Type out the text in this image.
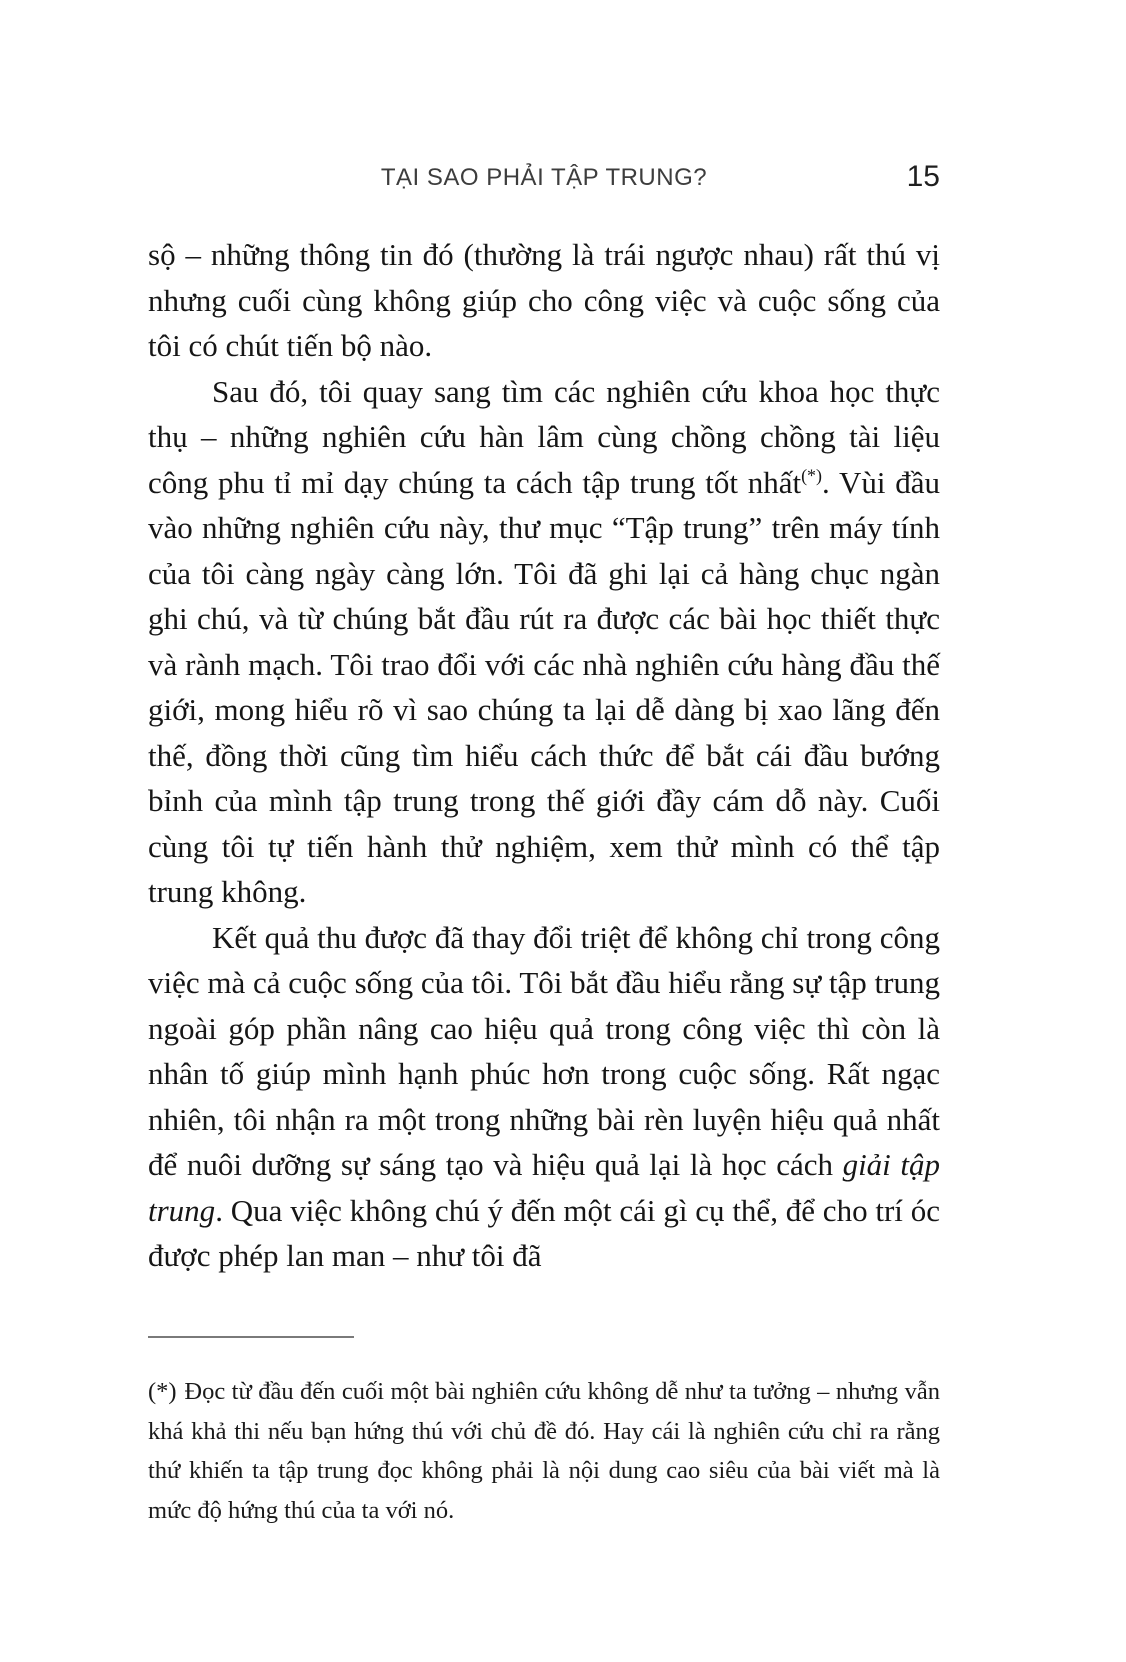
TẠI SAO PHẢI TẬP TRUNG?	15

sộ – những thông tin đó (thường là trái ngược nhau) rất thú vị nhưng cuối cùng không giúp cho công việc và cuộc sống của tôi có chút tiến bộ nào.

Sau đó, tôi quay sang tìm các nghiên cứu khoa học thực thụ – những nghiên cứu hàn lâm cùng chồng chồng tài liệu công phu tỉ mỉ dạy chúng ta cách tập trung tốt nhất(*). Vùi đầu vào những nghiên cứu này, thư mục “Tập trung” trên máy tính của tôi càng ngày càng lớn. Tôi đã ghi lại cả hàng chục ngàn ghi chú, và từ chúng bắt đầu rút ra được các bài học thiết thực và rành mạch. Tôi trao đổi với các nhà nghiên cứu hàng đầu thế giới, mong hiểu rõ vì sao chúng ta lại dễ dàng bị xao lãng đến thế, đồng thời cũng tìm hiểu cách thức để bắt cái đầu bướng bỉnh của mình tập trung trong thế giới đầy cám dỗ này. Cuối cùng tôi tự tiến hành thử nghiệm, xem thử mình có thể tập trung không.

Kết quả thu được đã thay đổi triệt để không chỉ trong công việc mà cả cuộc sống của tôi. Tôi bắt đầu hiểu rằng sự tập trung ngoài góp phần nâng cao hiệu quả trong công việc thì còn là nhân tố giúp mình hạnh phúc hơn trong cuộc sống. Rất ngạc nhiên, tôi nhận ra một trong những bài rèn luyện hiệu quả nhất để nuôi dưỡng sự sáng tạo và hiệu quả lại là học cách giải tập trung. Qua việc không chú ý đến một cái gì cụ thể, để cho trí óc được phép lan man – như tôi đã

(*) Đọc từ đầu đến cuối một bài nghiên cứu không dễ như ta tưởng – nhưng vẫn khá khả thi nếu bạn hứng thú với chủ đề đó. Hay cái là nghiên cứu chỉ ra rằng thứ khiến ta tập trung đọc không phải là nội dung cao siêu của bài viết mà là mức độ hứng thú của ta với nó.
